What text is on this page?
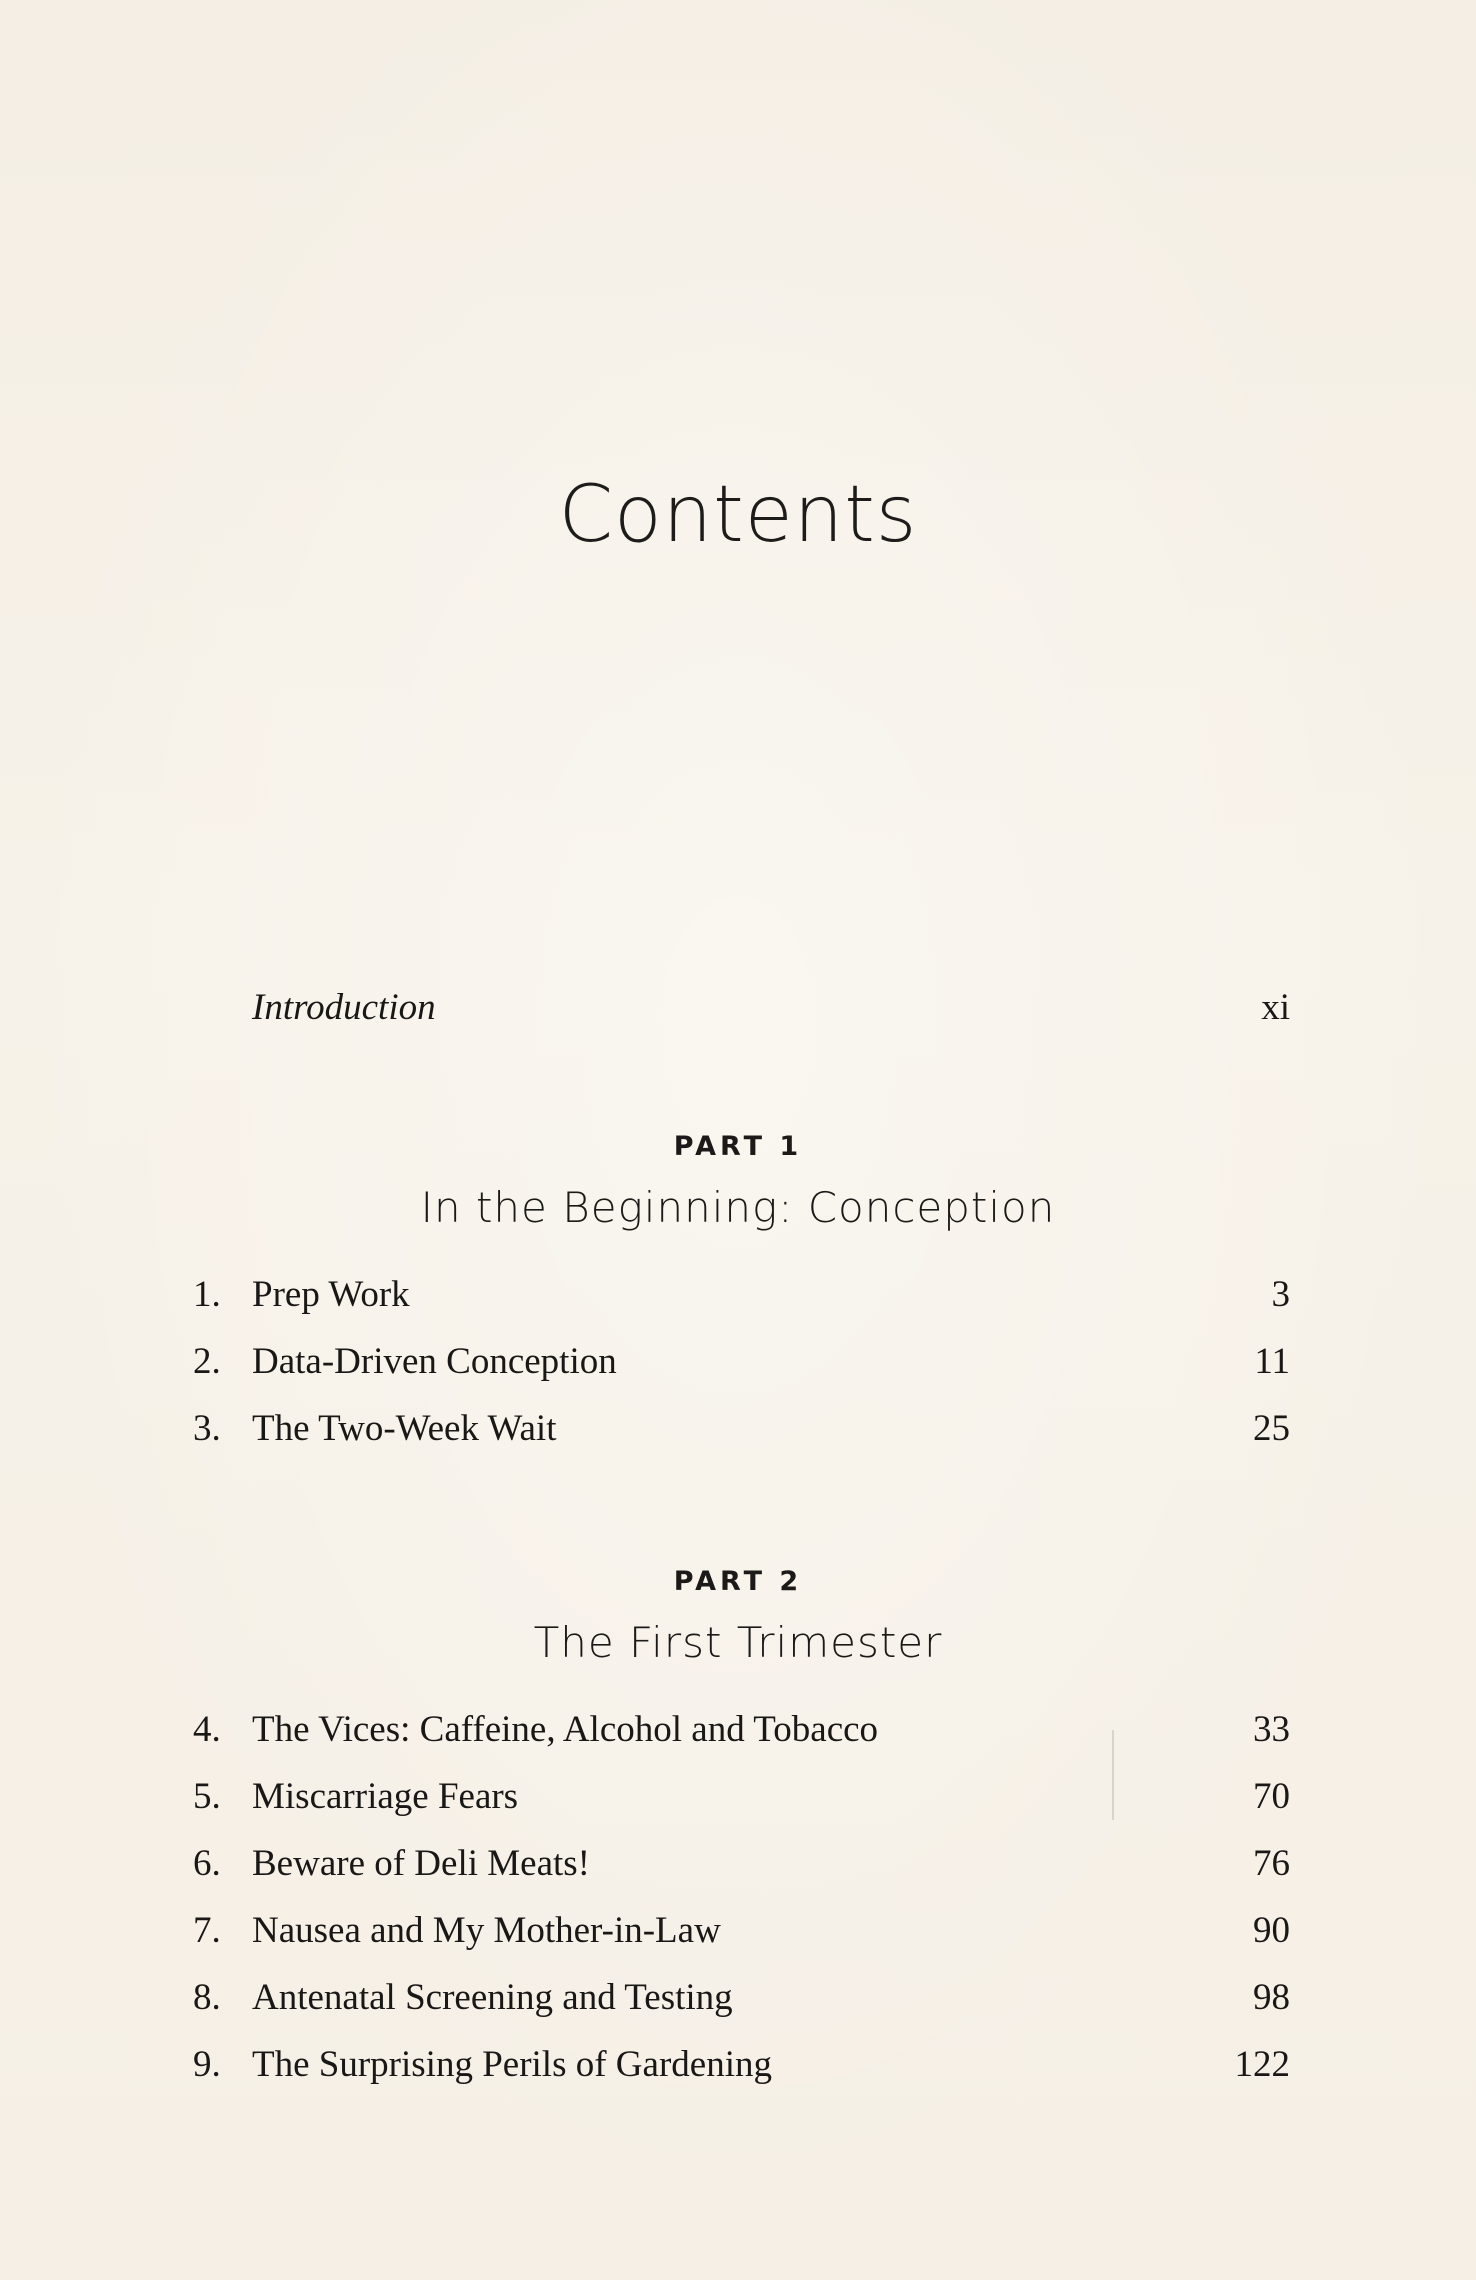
Contents
Introduction	xi
PART 1
In the Beginning: Conception
1. Prep Work	3
2. Data-Driven Conception	11
3. The Two-Week Wait	25
PART 2
The First Trimester
4. The Vices: Caffeine, Alcohol and Tobacco	33
5. Miscarriage Fears	70
6. Beware of Deli Meats!	76
7. Nausea and My Mother-in-Law	90
8. Antenatal Screening and Testing	98
9. The Surprising Perils of Gardening	122
